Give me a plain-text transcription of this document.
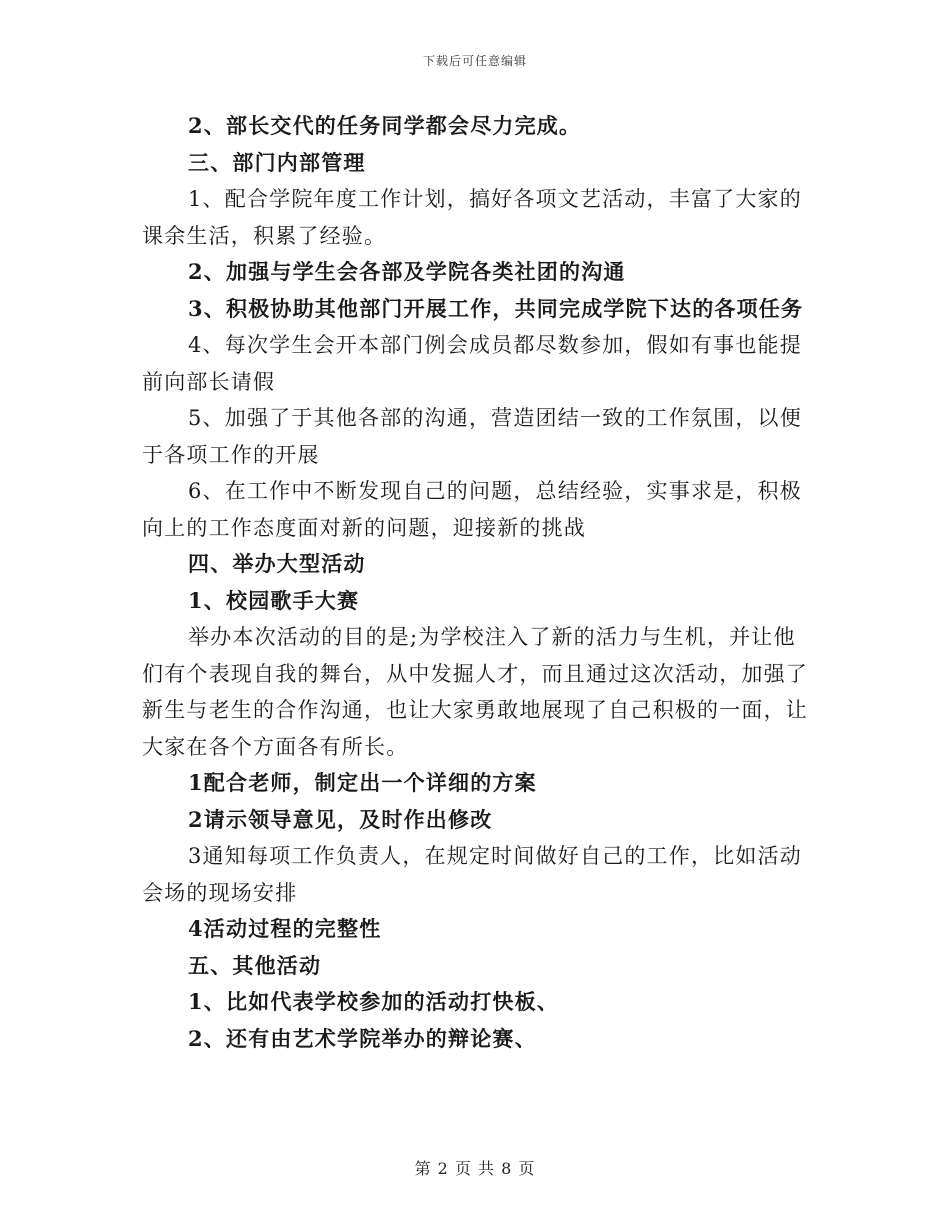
下载后可任意编辑

2、部长交代的任务同学都会尽力完成。

三、部门内部管理

1、配合学院年度工作计划，搞好各项文艺活动，丰富了大家的课余生活，积累了经验。

2、加强与学生会各部及学院各类社团的沟通

3、积极协助其他部门开展工作，共同完成学院下达的各项任务

4、每次学生会开本部门例会成员都尽数参加，假如有事也能提前向部长请假

5、加强了于其他各部的沟通，营造团结一致的工作氛围，以便于各项工作的开展

6、在工作中不断发现自己的问题，总结经验，实事求是，积极向上的工作态度面对新的问题，迎接新的挑战

四、举办大型活动

1、校园歌手大赛

举办本次活动的目的是;为学校注入了新的活力与生机，并让他们有个表现自我的舞台，从中发掘人才，而且通过这次活动，加强了新生与老生的合作沟通，也让大家勇敢地展现了自己积极的一面，让大家在各个方面各有所长。

1配合老师，制定出一个详细的方案

2请示领导意见，及时作出修改

3通知每项工作负责人，在规定时间做好自己的工作，比如活动会场的现场安排

4活动过程的完整性

五、其他活动

1、比如代表学校参加的活动打快板、

2、还有由艺术学院举办的辩论赛、

第 2 页 共 8 页
